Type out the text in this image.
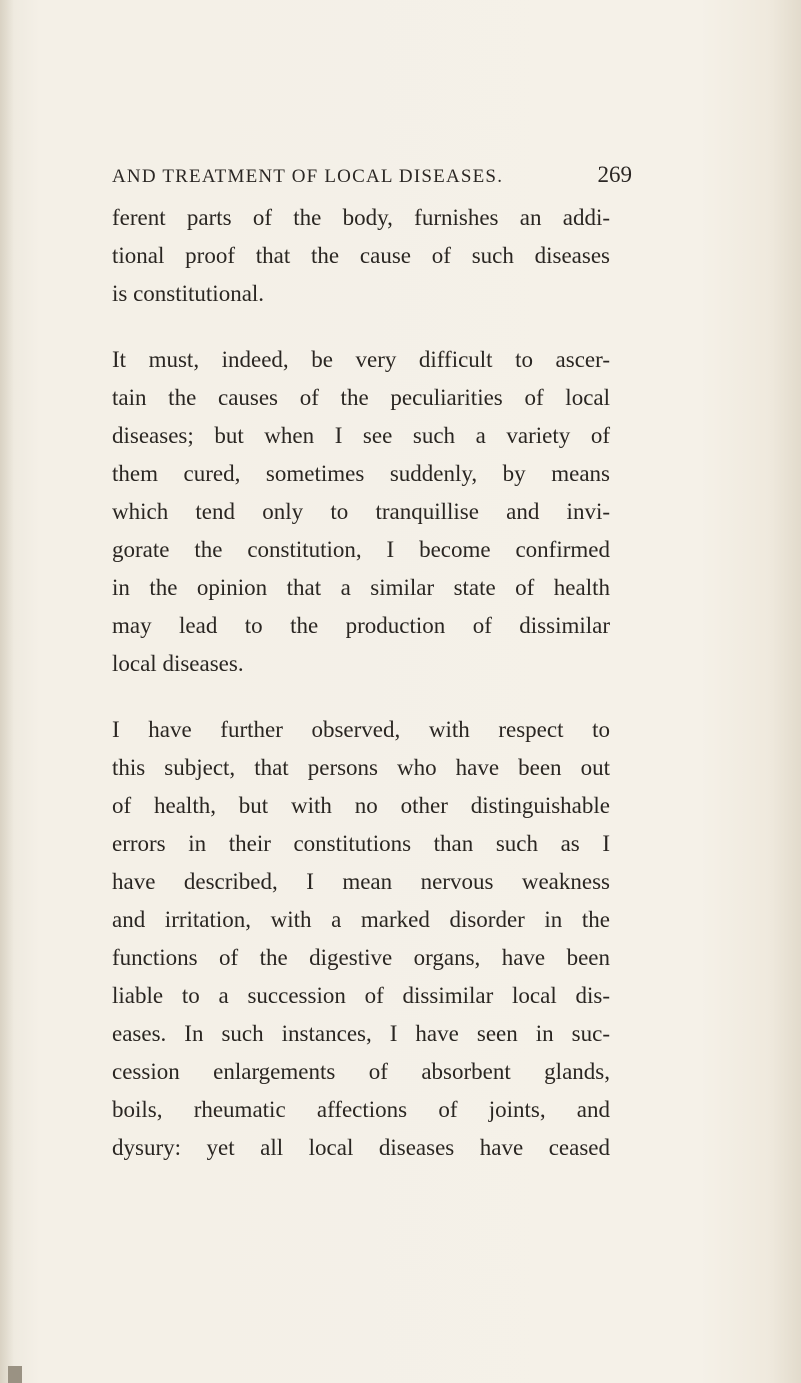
AND TREATMENT OF LOCAL DISEASES.	269

ferent parts of the body, furnishes an addi-
tional proof that the cause of such diseases
is constitutional.

It must, indeed, be very difficult to ascer-
tain the causes of the peculiarities of local
diseases; but when I see such a variety of
them cured, sometimes suddenly, by means
which tend only to tranquillise and invi-
gorate the constitution, I become confirmed
in the opinion that a similar state of health
may lead to the production of dissimilar
local diseases.

I have further observed, with respect to
this subject, that persons who have been out
of health, but with no other distinguishable
errors in their constitutions than such as I
have described, I mean nervous weakness
and irritation, with a marked disorder in the
functions of the digestive organs, have been
liable to a succession of dissimilar local dis-
eases. In such instances, I have seen in suc-
cession enlargements of absorbent glands,
boils, rheumatic affections of joints, and
dysury: yet all local diseases have ceased
